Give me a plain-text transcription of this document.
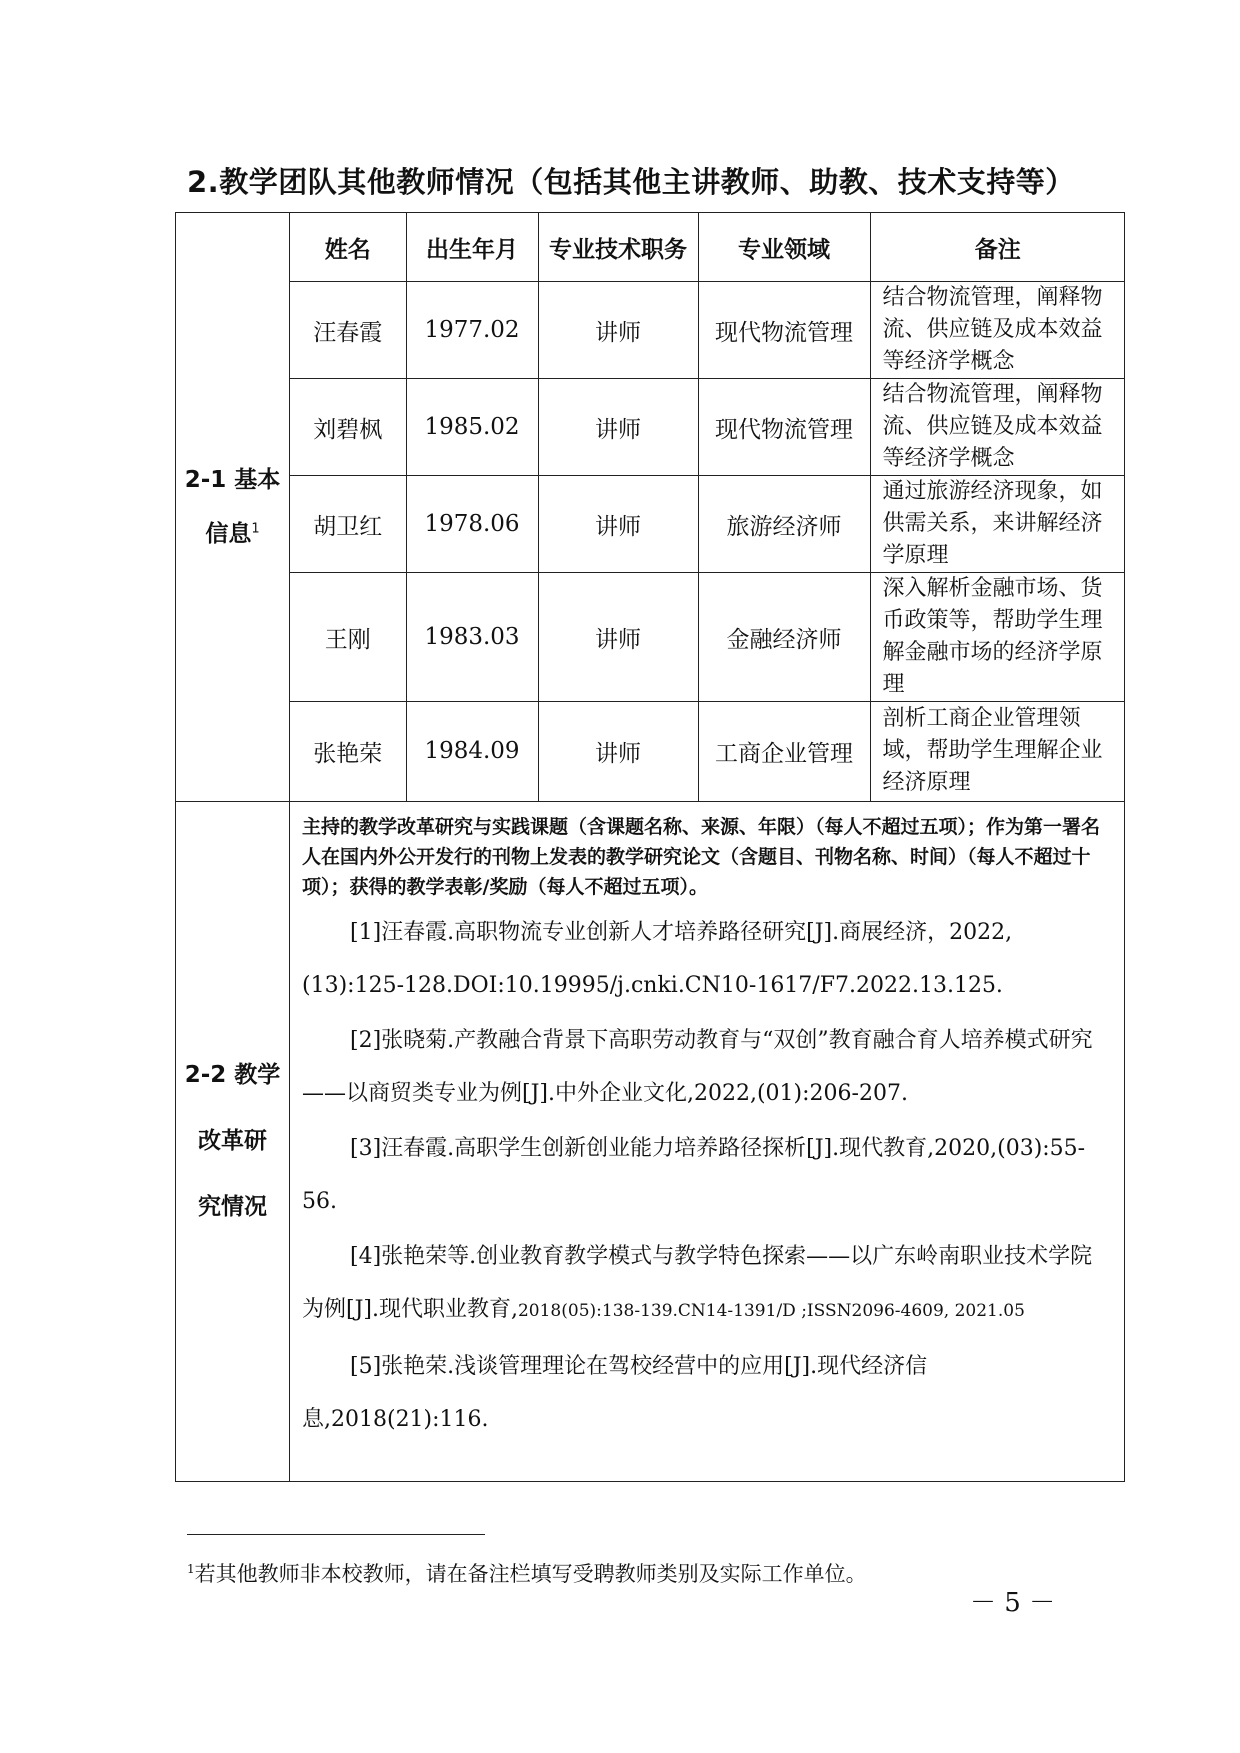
2.教学团队其他教师情况（包括其他主讲教师、助教、技术支持等）
2-1 基本
信息$^1$

姓名	出生年月	专业技术职务	专业领域	备注
汪春霞	1977.02	讲师	现代物流管理	结合物流管理，阐释物流、供应链及成本效益等经济学概念
刘碧枫	1985.02	讲师	现代物流管理	结合物流管理，阐释物流、供应链及成本效益等经济学概念
胡卫红	1978.06	讲师	旅游经济师	通过旅游经济现象，如供需关系，来讲解经济学原理
王刚	1983.03	讲师	金融经济师	深入解析金融市场、货币政策等，帮助学生理解金融市场的经济学原理
张艳荣	1984.09	讲师	工商企业管理	剖析工商企业管理领域，帮助学生理解企业经济原理

2-2 教学
改革研
究情况

主持的教学改革研究与实践课题（含课题名称、来源、年限）（每人不超过五项）；作为第一署名人在国内外公开发行的刊物上发表的教学研究论文（含题目、刊物名称、时间）（每人不超过十项）；获得的教学表彰/奖励（每人不超过五项）。

[1]汪春霞.高职物流专业创新人才培养路径研究[J].商展经济，2022,(13):125-128.DOI:10.19995/j.cnki.CN10-1617/F7.2022.13.125.

[2]张晓菊.产教融合背景下高职劳动教育与“双创”教育融合育人培养模式研究——以商贸类专业为例[J].中外企业文化,2022,(01):206-207.

[3]汪春霞.高职学生创新创业能力培养路径探析[J].现代教育,2020,(03):55-56.

[4]张艳荣等.创业教育教学模式与教学特色探索——以广东岭南职业技术学院为例[J].现代职业教育,2018(05):138-139.CN14-1391/D ;ISSN2096-4609, 2021.05

[5]张艳荣.浅谈管理理论在驾校经营中的应用[J].现代经济信息,2018(21):116.

$^1$若其他教师非本校教师，请在备注栏填写受聘教师类别及实际工作单位。
－ 5 －
